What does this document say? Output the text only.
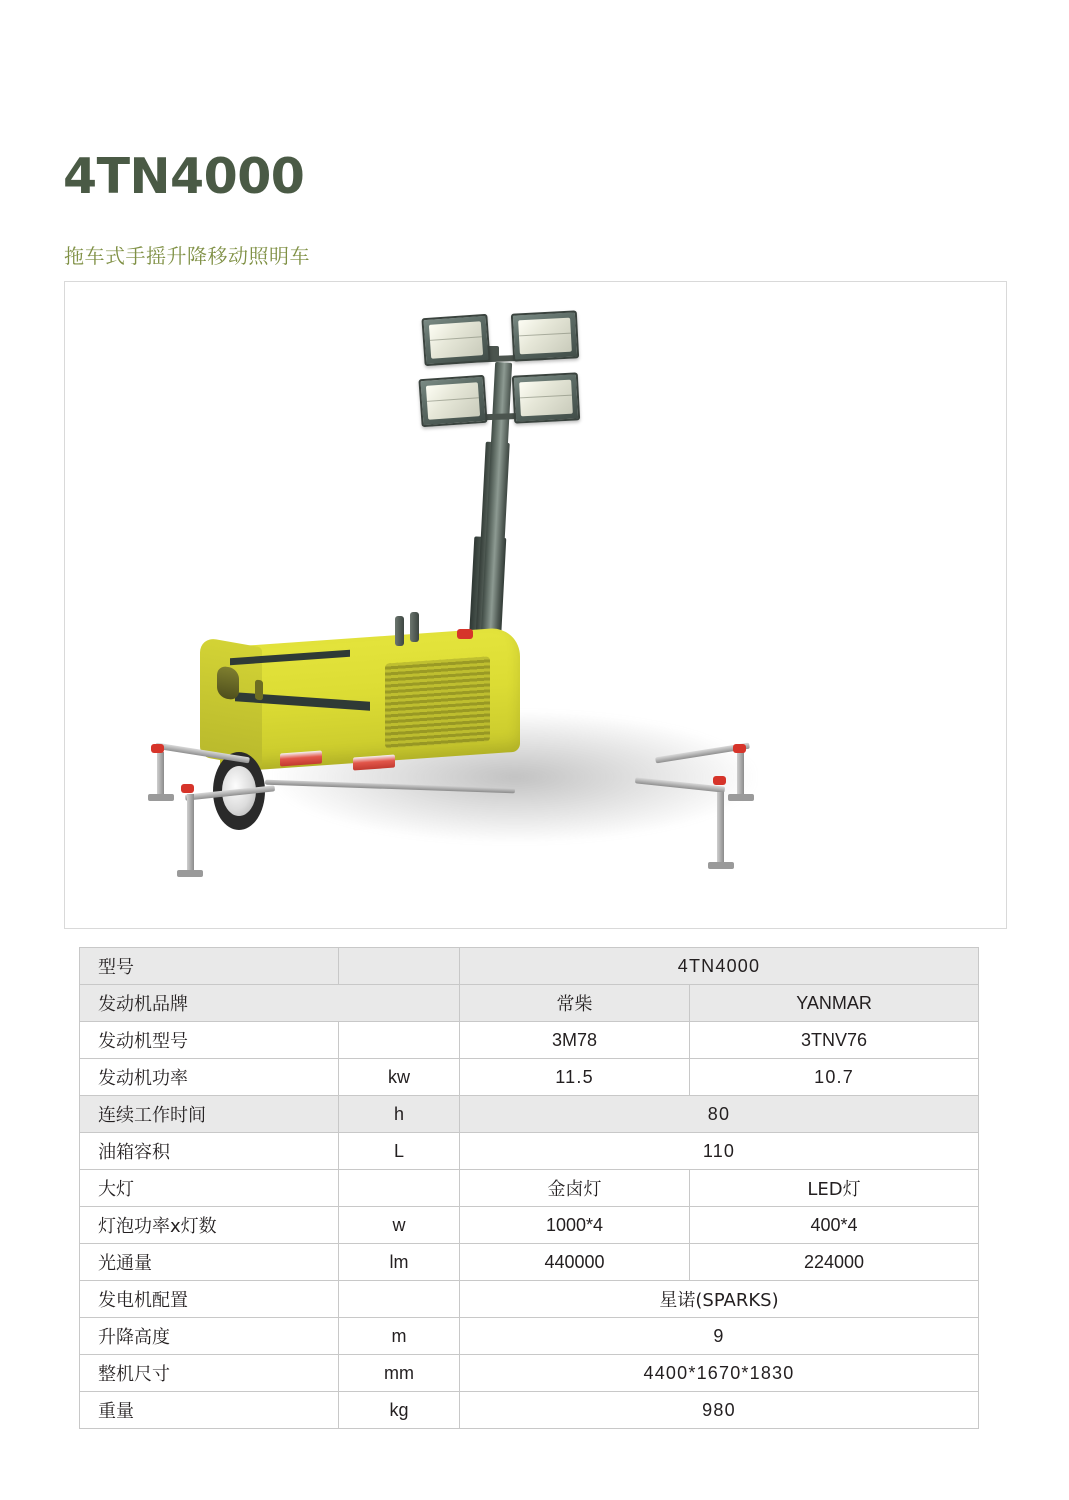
4TN4000
拖车式手摇升降移动照明车
型号		4TN4000	
发动机品牌		常柴	YANMAR
发动机型号		3M78	3TNV76
发动机功率	kw	11.5	10.7
连续工作时间	h	80	
油箱容积	L	110	
大灯		金卤灯	LED灯
灯泡功率x灯数	w	1000*4	400*4
光通量	lm	440000	224000
发电机配置		星诺(SPARKS)	
升降高度	m	9	
整机尺寸	mm	4400*1670*1830	
重量	kg	980	
